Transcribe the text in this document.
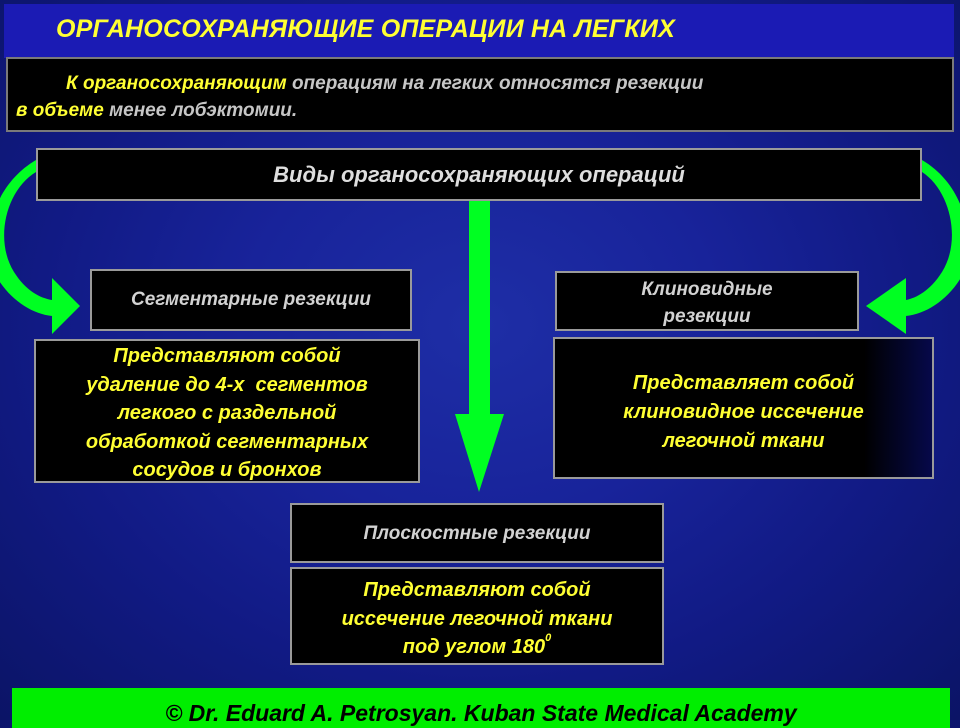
ОРГАНОСОХРАНЯЮЩИЕ ОПЕРАЦИИ НА ЛЕГКИХ
К органосохраняющим операциям на легких относятся резекции
в объеме менее лобэктомии.
Виды органосохраняющих операций
Сегментарные резекции	Клиновидные
резекции
Представляют собой
удаление до 4-х  сегментов
легкого с раздельной
обработкой сегментарных
сосудов и бронхов
Представляет собой
клиновидное иссечение
легочной ткани
Плоскостные резекции
Представляют собой
иссечение легочной ткани
под углом $180^0$
© Dr. Eduard A. Petrosyan. Kuban State Medical Academy
